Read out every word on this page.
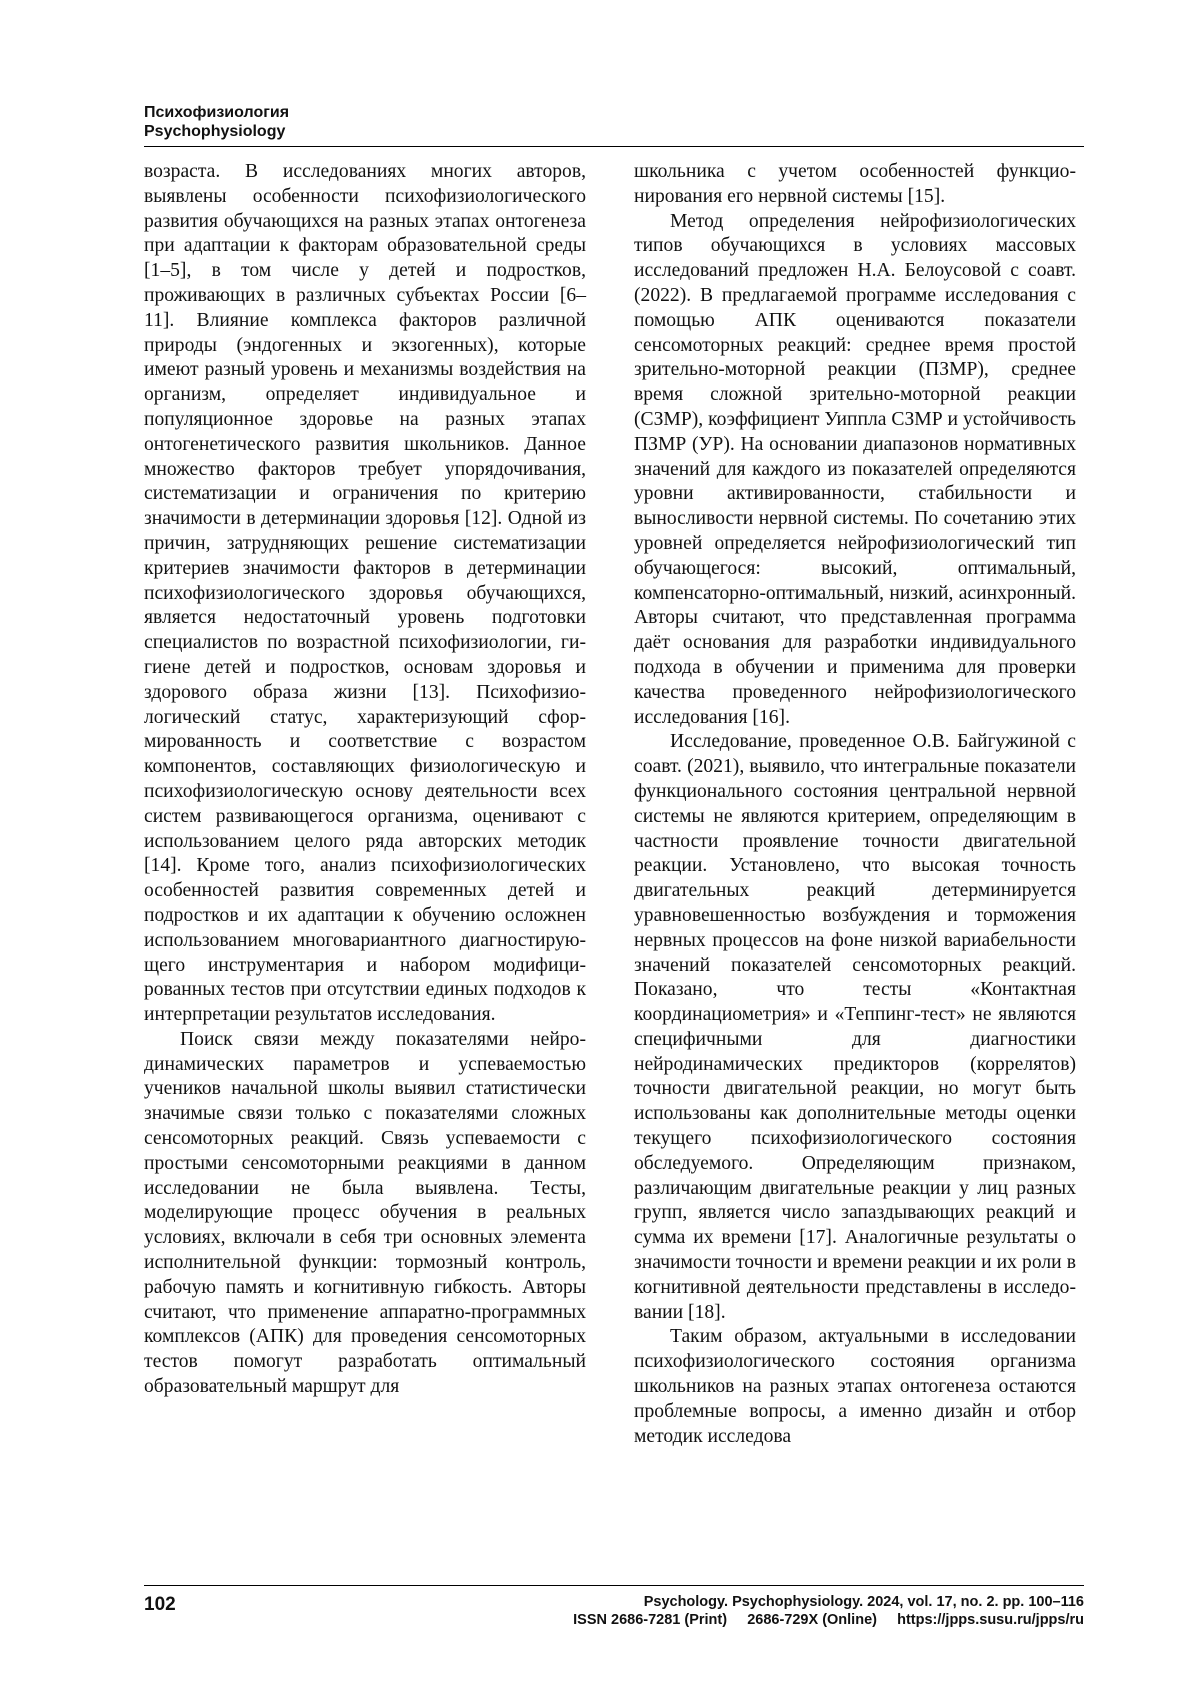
Психофизиология
Psychophysiology

возраста. В исследованиях многих авторов, выявлены особенности психофизиологического развития обучающихся на разных этапах онтогенеза при адаптации к факторам образовательной среды [1–5], в том числе у детей и подростков, проживающих в различных субъектах России [6–11]. Влияние комплекса факторов различной природы (эндогенных и экзогенных), которые имеют разный уровень и механизмы воздействия на организм, определяет индивидуальное и популяционное здоровье на разных этапах онтогенетического развития школьников. Данное множество факторов требует упорядочивания, систематизации и ограничения по критерию значимости в детерминации здоровья [12]. Одной из причин, затрудняющих решение систематизации критериев значимости факторов в детерминации психофизиологического здоровья обучающихся, является недостаточный уровень подготовки специалистов по возрастной психофизиологии, гигиене детей и подростков, основам здоровья и здорового образа жизни [13]. Психофизиологический статус, характеризующий сформированность и соответствие с возрастом компонентов, составляющих физиологическую и психофизиологическую основу деятельности всех систем развивающегося организма, оценивают с использованием целого ряда авторских методик [14]. Кроме того, анализ психофизиологических особенностей развития современных детей и подростков и их адаптации к обучению осложнен использованием многовариантного диагностирующего инструментария и набором модифицированных тестов при отсутствии единых подходов к интерпретации результатов исследования.

Поиск связи между показателями нейродинамических параметров и успеваемостью учеников начальной школы выявил статистически значимые связи только с показателями сложных сенсомоторных реакций. Связь успеваемости с простыми сенсомоторными реакциями в данном исследовании не была выявлена. Тесты, моделирующие процесс обучения в реальных условиях, включали в себя три основных элемента исполнительной функции: тормозный контроль, рабочую память и когнитивную гибкость. Авторы считают, что применение аппаратно-программных комплексов (АПК) для проведения сенсомоторных тестов помогут разработать оптимальный образовательный маршрут для

школьника с учетом особенностей функционирования его нервной системы [15].

Метод определения нейрофизиологических типов обучающихся в условиях массовых исследований предложен Н.А. Белоусовой с соавт. (2022). В предлагаемой программе исследования с помощью АПК оцениваются показатели сенсомоторных реакций: среднее время простой зрительно-моторной реакции (ПЗМР), среднее время сложной зрительно-моторной реакции (СЗМР), коэффициент Уиппла СЗМР и устойчивость ПЗМР (УР). На основании диапазонов нормативных значений для каждого из показателей определяются уровни активированности, стабильности и выносливости нервной системы. По сочетанию этих уровней определяется нейрофизиологический тип обучающегося: высокий, оптимальный, компенсаторно-оптимальный, низкий, асинхронный. Авторы считают, что представленная программа даёт основания для разработки индивидуального подхода в обучении и применима для проверки качества проведенного нейрофизиологического исследования [16].

Исследование, проведенное О.В. Байгужиной с соавт. (2021), выявило, что интегральные показатели функционального состояния центральной нервной системы не являются критерием, определяющим в частности проявление точности двигательной реакции. Установлено, что высокая точность двигательных реакций детерминируется уравновешенностью возбуждения и торможения нервных процессов на фоне низкой вариабельности значений показателей сенсомоторных реакций. Показано, что тесты «Контактная координациометрия» и «Теппинг-тест» не являются специфичными для диагностики нейродинамических предикторов (коррелятов) точности двигательной реакции, но могут быть использованы как дополнительные методы оценки текущего психофизиологического состояния обследуемого. Определяющим признаком, различающим двигательные реакции у лиц разных групп, является число запаздывающих реакций и сумма их времени [17]. Аналогичные результаты о значимости точности и времени реакции и их роли в когнитивной деятельности представлены в исследовании [18].

Таким образом, актуальными в исследовании психофизиологического состояния организма школьников на разных этапах онтогенеза остаются проблемные вопросы, а именно дизайн и отбор методик исследова

102	Psychology. Psychophysiology. 2024, vol. 17, no. 2. pp. 100–116
ISSN 2686-7281 (Print)     2686-729X (Online)     https://jpps.susu.ru/jpps/ru
